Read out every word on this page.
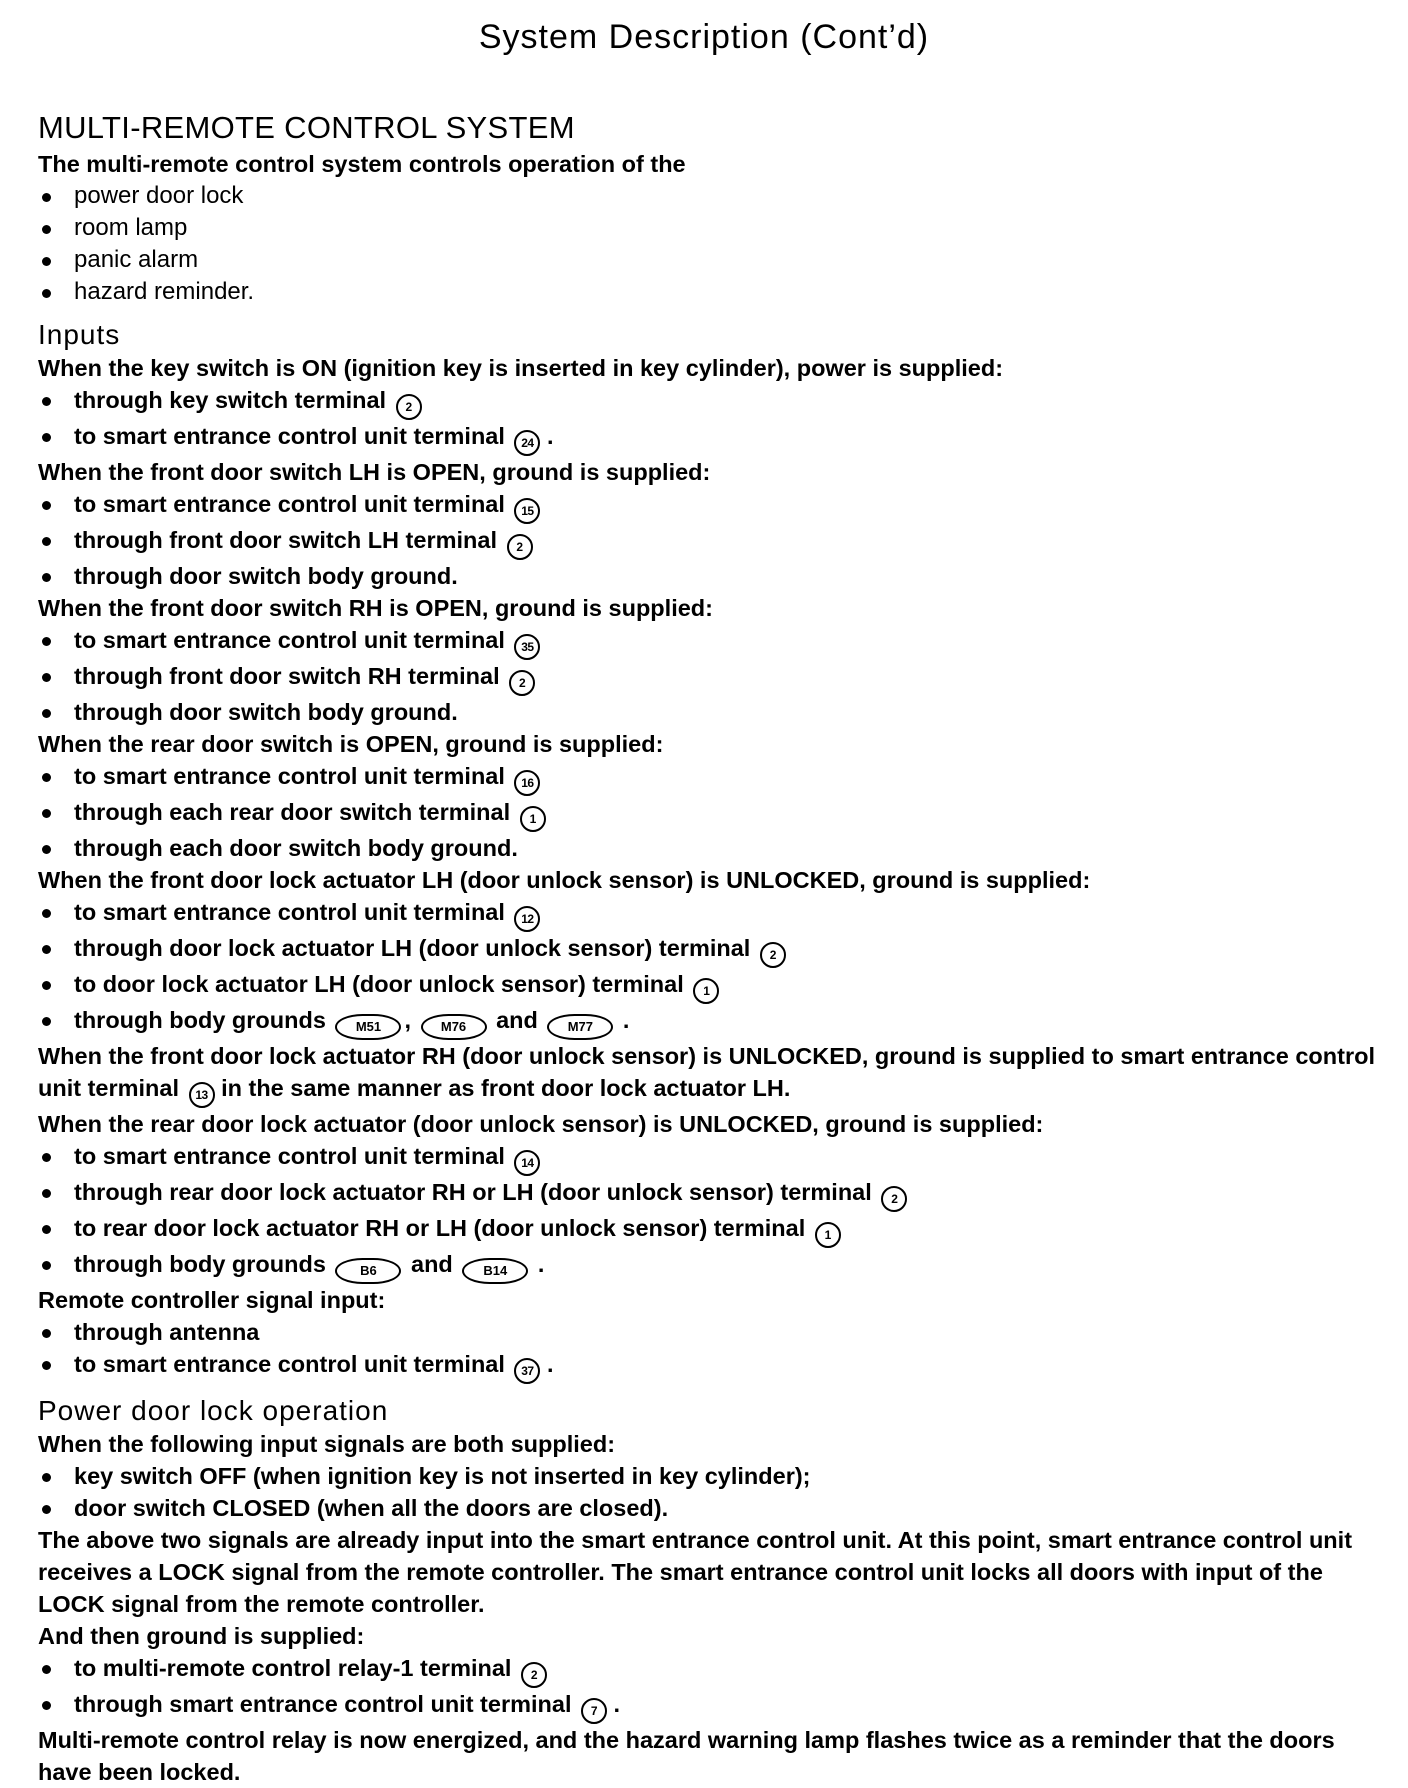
System Description (Cont’d)
MULTI-REMOTE CONTROL SYSTEM
The multi-remote control system controls operation of the
power door lock
room lamp
panic alarm
hazard reminder.
Inputs
When the key switch is ON (ignition key is inserted in key cylinder), power is supplied:
through key switch terminal 2
to smart entrance control unit terminal 24 .
When the front door switch LH is OPEN, ground is supplied:
to smart entrance control unit terminal 15
through front door switch LH terminal 2
through door switch body ground.
When the front door switch RH is OPEN, ground is supplied:
to smart entrance control unit terminal 35
through front door switch RH terminal 2
through door switch body ground.
When the rear door switch is OPEN, ground is supplied:
to smart entrance control unit terminal 16
through each rear door switch terminal 1
through each door switch body ground.
When the front door lock actuator LH (door unlock sensor) is UNLOCKED, ground is supplied:
to smart entrance control unit terminal 12
through door lock actuator LH (door unlock sensor) terminal 2
to door lock actuator LH (door unlock sensor) terminal 1
through body grounds M51 , M76 and M77 .
When the front door lock actuator RH (door unlock sensor) is UNLOCKED, ground is supplied to smart entrance control unit terminal 13 in the same manner as front door lock actuator LH.
When the rear door lock actuator (door unlock sensor) is UNLOCKED, ground is supplied:
to smart entrance control unit terminal 14
through rear door lock actuator RH or LH (door unlock sensor) terminal 2
to rear door lock actuator RH or LH (door unlock sensor) terminal 1
through body grounds	B6 and B14 .
Remote controller signal input:
through antenna
to smart entrance control unit terminal 37 .
Power door lock operation
When the following input signals are both supplied:
key switch OFF (when ignition key is not inserted in key cylinder);
door switch CLOSED (when all the doors are closed).
The above two signals are already input into the smart entrance control unit. At this point, smart entrance control unit receives a LOCK signal from the remote controller. The smart entrance control unit locks all doors with input of the LOCK signal from the remote controller.
And then ground is supplied:
to multi-remote control relay-1 terminal 2
through smart entrance control unit terminal 7 .
Multi-remote control relay is now energized, and the hazard warning lamp flashes twice as a reminder that the doors have been locked.
